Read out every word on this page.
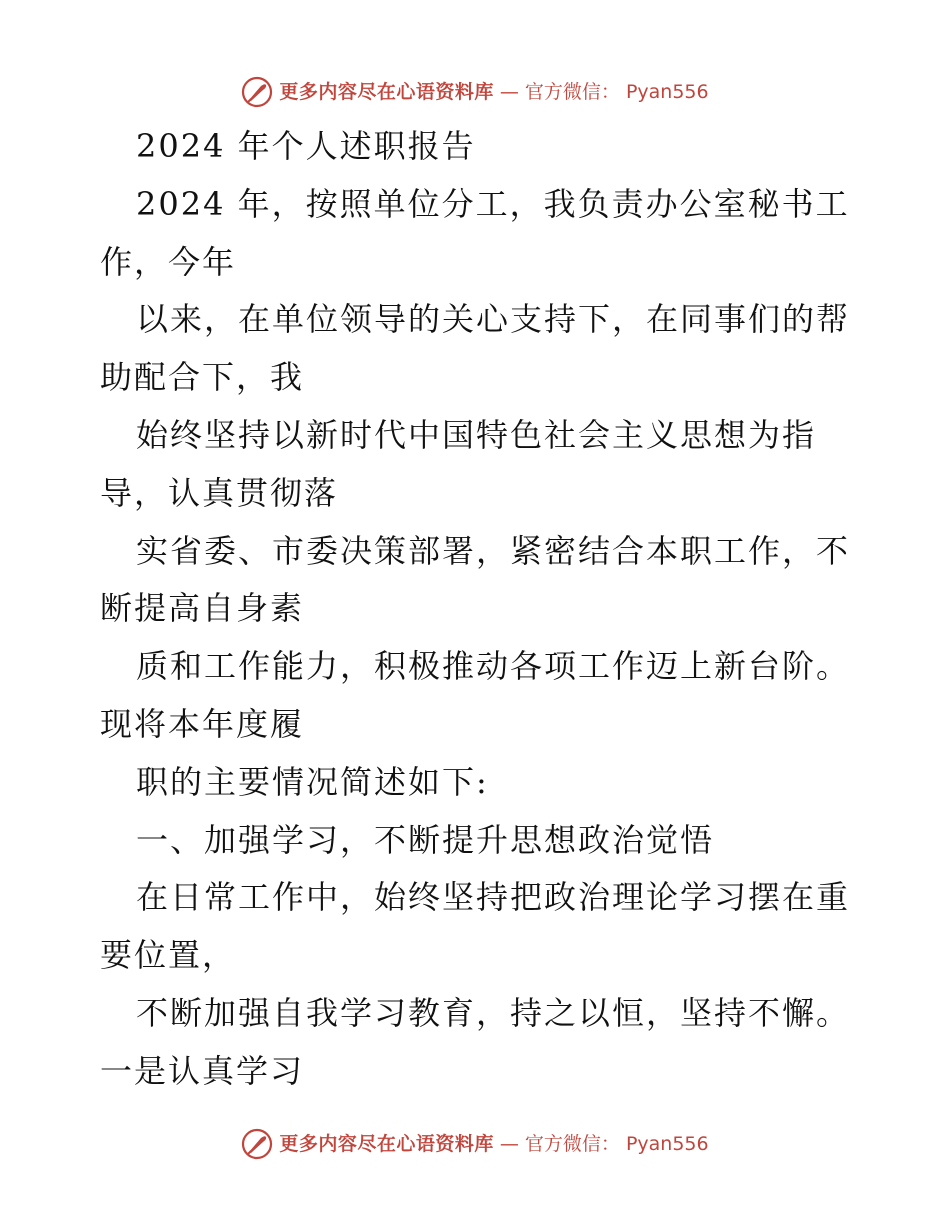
更多内容尽在心语资料库 — 官方微信： Pyan556
2024 年个人述职报告
2024 年，按照单位分工，我负责办公室秘书工
作，今年
以来，在单位领导的关心支持下，在同事们的帮
助配合下，我
始终坚持以新时代中国特色社会主义思想为指
导，认真贯彻落
实省委、市委决策部署，紧密结合本职工作，不
断提高自身素
质和工作能力，积极推动各项工作迈上新台阶。
现将本年度履
职的主要情况简述如下:
一、加强学习，不断提升思想政治觉悟
在日常工作中，始终坚持把政治理论学习摆在重
要位置，
不断加强自我学习教育，持之以恒，坚持不懈。
一是认真学习
更多内容尽在心语资料库 — 官方微信： Pyan556
